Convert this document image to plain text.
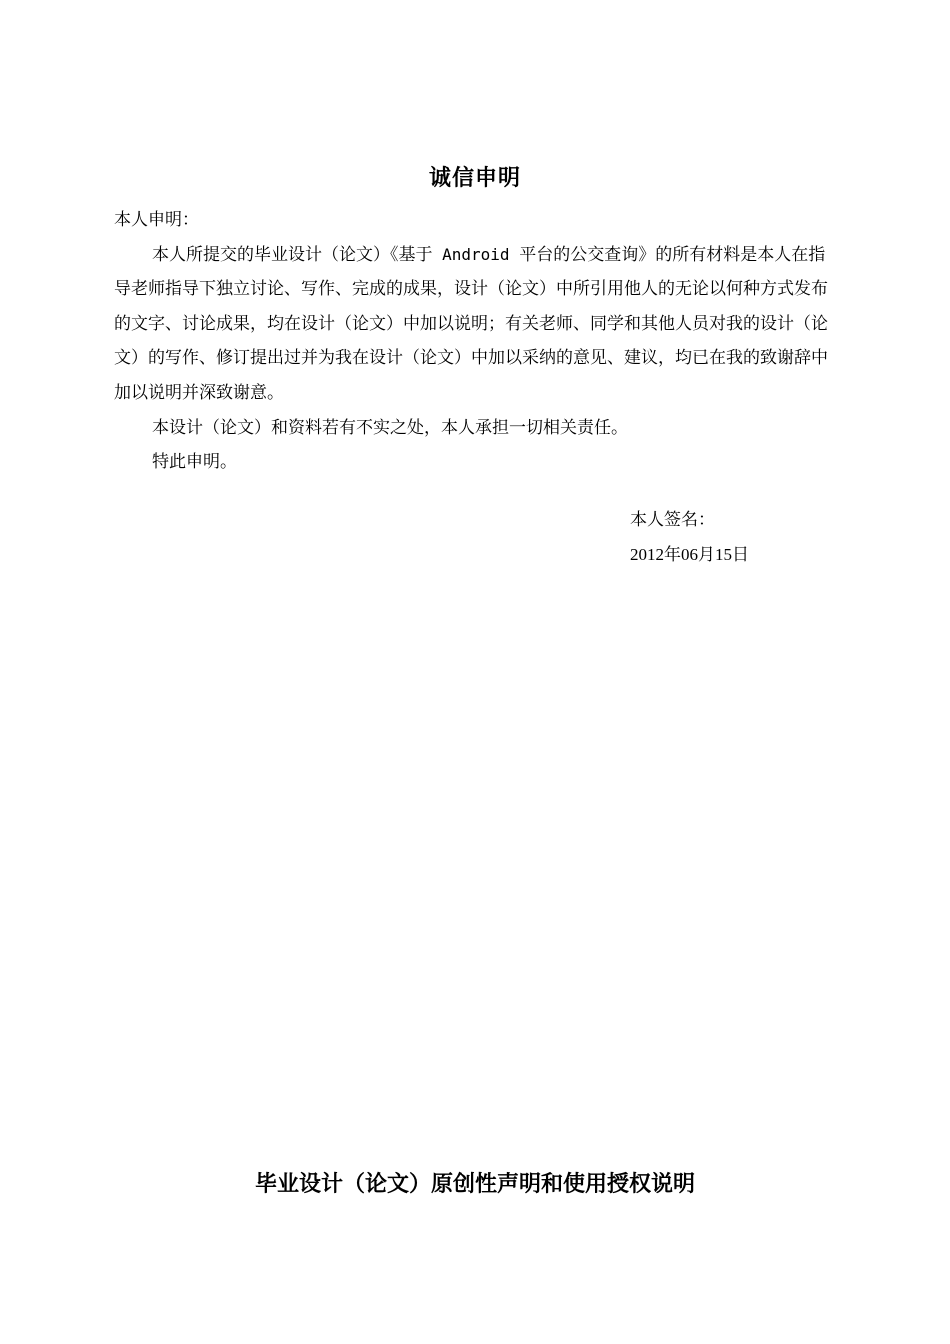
诚信申明

本人申明：

本人所提交的毕业设计（论文）《基于 Android 平台的公交查询》的所有材料是本人在指导老师指导下独立讨论、写作、完成的成果，设计（论文）中所引用他人的无论以何种方式发布的文字、讨论成果，均在设计（论文）中加以说明；有关老师、同学和其他人员对我的设计（论文）的写作、修订提出过并为我在设计（论文）中加以采纳的意见、建议，均已在我的致谢辞中加以说明并深致谢意。

本设计（论文）和资料若有不实之处，本人承担一切相关责任。

特此申明。

本人签名：
2012年06月15日
毕业设计（论文）原创性声明和使用授权说明
